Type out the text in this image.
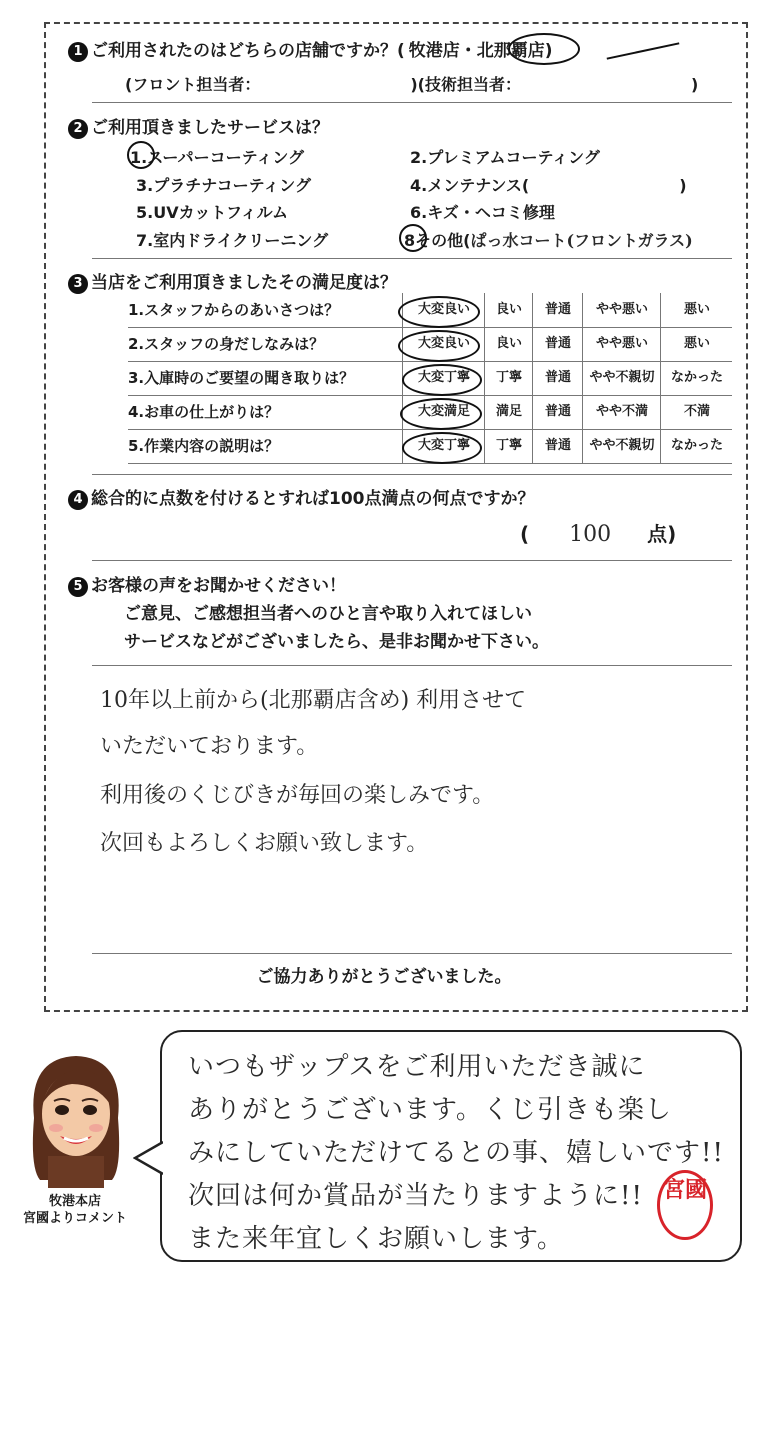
1 ご利用されたのはどちらの店舗ですか？( 牧港店・北那覇店)
(フロント担当者：	)(技術担当者：	)
2 ご利用頂きましたサービスは？
1.スーパーコーティング	2.プレミアムコーティング
3.プラチナコーティング	4.メンテナンス(	)
5.UVカットフィルム	6.キズ・ヘコミ修理
7.室内ドライクリーニング	8その他(ぱっ水コート(フロントガラス)
3 当店をご利用頂きましたその満足度は？
1.スタッフからのあいさつは？	大変良い	良い	普通	やや悪い	悪い
2.スタッフの身だしなみは？	大変良い	良い	普通	やや悪い	悪い
3.入庫時のご要望の聞き取りは？	大変丁寧	丁寧	普通	やや不親切	なかった
4.お車の仕上がりは？	大変満足	満足	普通	やや不満	不満
5.作業内容の説明は？	大変丁寧	丁寧	普通	やや不親切	なかった
4 総合的に点数を付けるとすれば100点満点の何点ですか？
( 100 点)
5 お客様の声をお聞かせください！
ご意見、ご感想担当者へのひと言や取り入れてほしい
サービスなどがございましたら、是非お聞かせ下さい。
10年以上前から(北那覇店含め) 利用させて
いただいております。
利用後のくじびきが毎回の楽しみです。
次回もよろしくお願い致します。
ご協力ありがとうございました。
牧港本店
宮國よりコメント
いつもザップスをご利用いただき誠に
ありがとうございます。くじ引きも楽し
みにしていただけてるとの事、嬉しいです!!
次回は何か賞品が当たりますように!!
また来年宜しくお願いします。
宮國
